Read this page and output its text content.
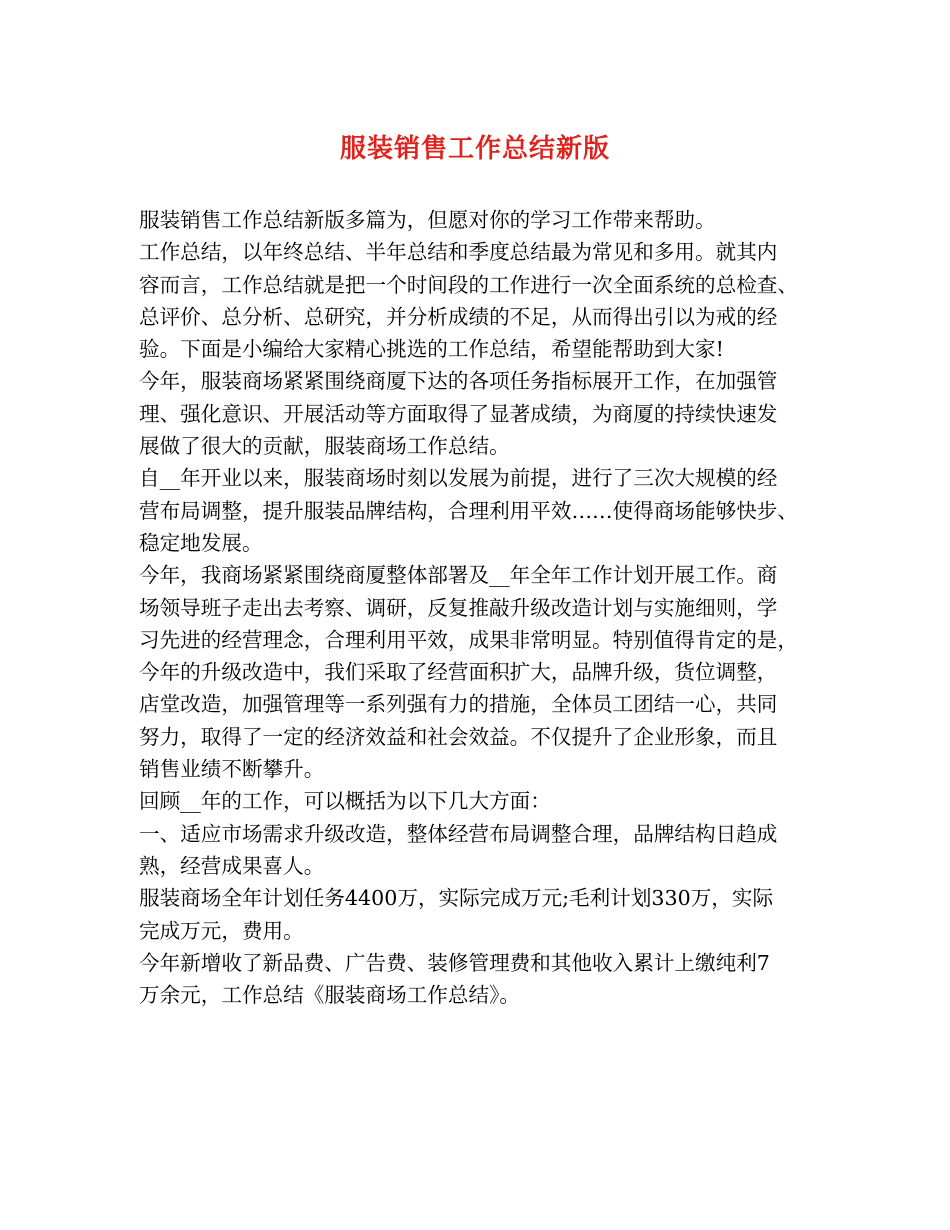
服装销售工作总结新版
服装销售工作总结新版多篇为，但愿对你的学习工作带来帮助。
工作总结，以年终总结、半年总结和季度总结最为常见和多用。就其内
容而言，工作总结就是把一个时间段的工作进行一次全面系统的总检查、
总评价、总分析、总研究，并分析成绩的不足，从而得出引以为戒的经
验。下面是小编给大家精心挑选的工作总结，希望能帮助到大家!
今年，服装商场紧紧围绕商厦下达的各项任务指标展开工作，在加强管
理、强化意识、开展活动等方面取得了显著成绩，为商厦的持续快速发
展做了很大的贡献，服装商场工作总结。
自__年开业以来，服装商场时刻以发展为前提，进行了三次大规模的经
营布局调整，提升服装品牌结构，合理利用平效……使得商场能够快步、
稳定地发展。
今年，我商场紧紧围绕商厦整体部署及__年全年工作计划开展工作。商
场领导班子走出去考察、调研，反复推敲升级改造计划与实施细则，学
习先进的经营理念，合理利用平效，成果非常明显。特别值得肯定的是，
今年的升级改造中，我们采取了经营面积扩大，品牌升级，货位调整，
店堂改造，加强管理等一系列强有力的措施，全体员工团结一心，共同
努力，取得了一定的经济效益和社会效益。不仅提升了企业形象，而且
销售业绩不断攀升。
回顾__年的工作，可以概括为以下几大方面：
一、适应市场需求升级改造，整体经营布局调整合理，品牌结构日趋成
熟，经营成果喜人。
服装商场全年计划任务4400万，实际完成万元;毛利计划330万，实际
完成万元，费用。
今年新增收了新品费、广告费、装修管理费和其他收入累计上缴纯利7
万余元，工作总结《服装商场工作总结》。
